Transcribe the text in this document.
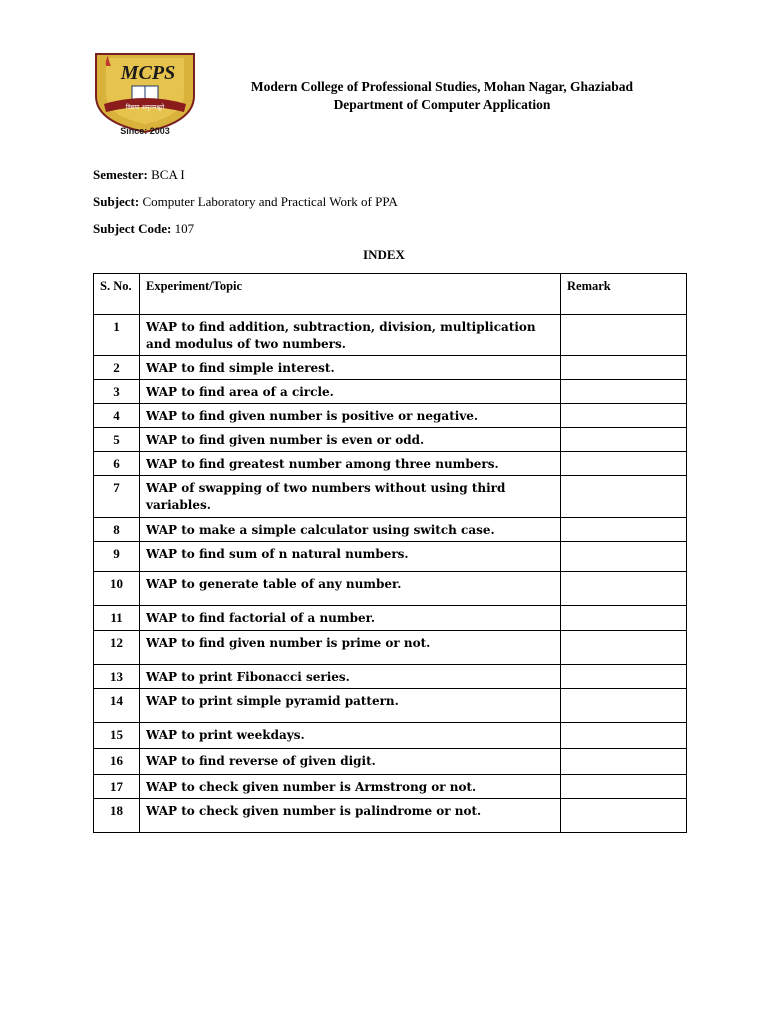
MCPS
विद्यया अमृतमश्नुते
Since: 2003
Modern College of Professional Studies, Mohan Nagar, Ghaziabad
Department of Computer Application
Semester: BCA I
Subject: Computer Laboratory and Practical Work of PPA
Subject Code: 107
INDEX
S. No.	Experiment/Topic	Remark
1	WAP to find addition, subtraction, division, multiplication and modulus of two numbers.	
2	WAP to find simple interest.	
3	WAP to find area of a circle.	
4	WAP to find given number is positive or negative.	
5	WAP to find given number is even or odd.	
6	WAP to find greatest number among three numbers.	
7	WAP of swapping of two numbers without using third variables.	
8	WAP to make a simple calculator using switch case.	
9	WAP to find sum of n natural numbers.	
10	WAP to generate table of any number.	
11	WAP to find factorial of a number.	
12	WAP to find given number is prime or not.	
13	WAP to print Fibonacci series.	
14	WAP to print simple pyramid pattern.	
15	WAP to print weekdays.	
16	WAP to find reverse of given digit.	
17	WAP to check given number is Armstrong or not.	
18	WAP to check given number is palindrome or not.	
